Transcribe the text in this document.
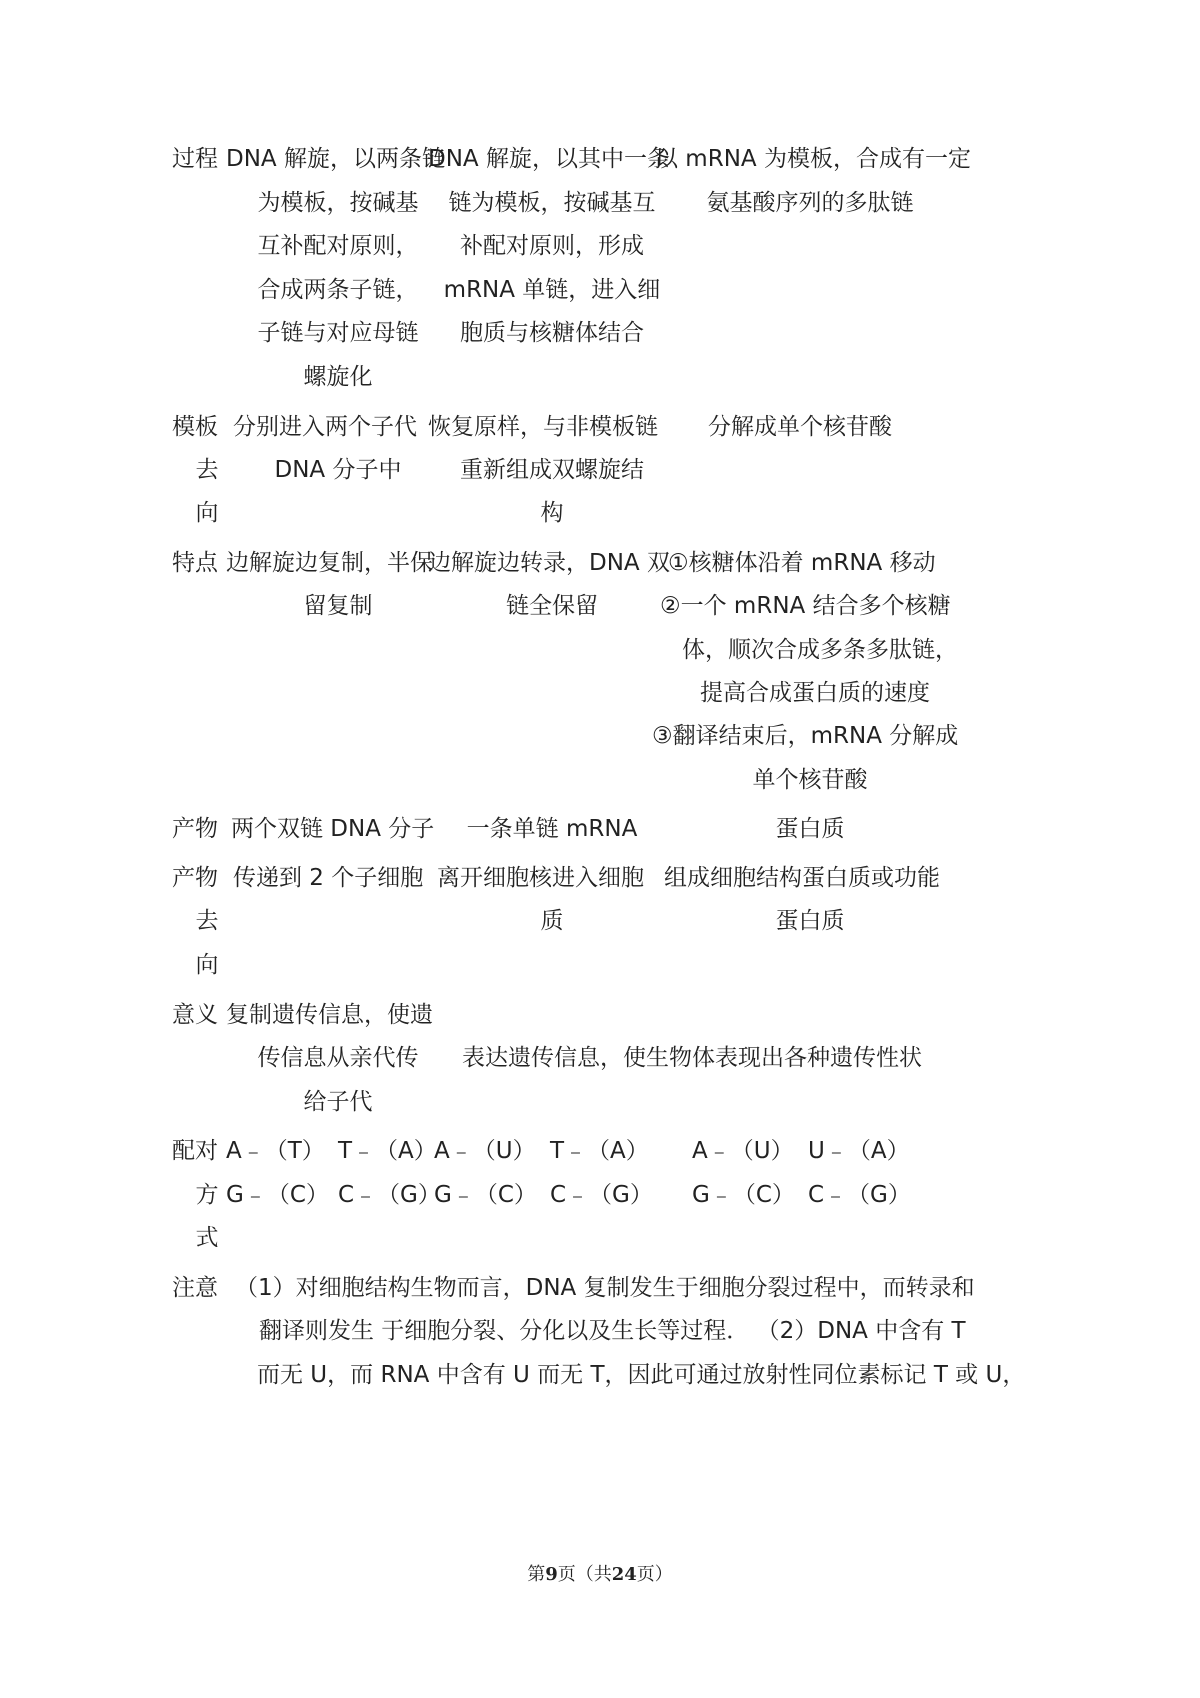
过程 DNA 解旋，以两条链
为模板，按碱基
互补配对原则，
合成两条子链，
子链与对应母链
螺旋化
DNA 解旋，以其中一条
链为模板，按碱基互
补配对原则，形成
mRNA 单链，进入细
胞质与核糖体结合
以 mRNA 为模板，合成有一定
氨基酸序列的多肽链
模板
去
向
分别进入两个子代
DNA 分子中
恢复原样，与非模板链
重新组成双螺旋结
构
分解成单个核苷酸
特点 边解旋边复制，半保
留复制
边解旋边转录，DNA 双
链全保留
①核糖体沿着 mRNA 移动
②一个 mRNA 结合多个核糖
体，顺次合成多条多肽链，
提高合成蛋白质的速度
③翻译结束后，mRNA 分解成
单个核苷酸
产物 两个双链 DNA 分子	一条单链 mRNA	蛋白质
产物
去
向
传递到 2 个子细胞 离开细胞核进入细胞
质
组成细胞结构蛋白质或功能
蛋白质
意义 复制遗传信息，使遗
传信息从亲代传
给子代
表达遗传信息，使生物体表现出各种遗传性状
配对
方
式
A﹣（T） T﹣（A）
A﹣（U） T﹣（A） A﹣（U） U﹣（A）
G﹣（C） C﹣（G）
G﹣（C） C﹣（G） G﹣（C） C﹣（G）
注意 （1）对细胞结构生物而言，DNA 复制发生于细胞分裂过程中，而转录和
翻译则发生 于细胞分裂、分化以及生长等过程． （2）DNA 中含有 T
而无 U，而 RNA 中含有 U 而无 T，因此可通过放射性同位素标记 T 或 U，
第9页（共24页）
